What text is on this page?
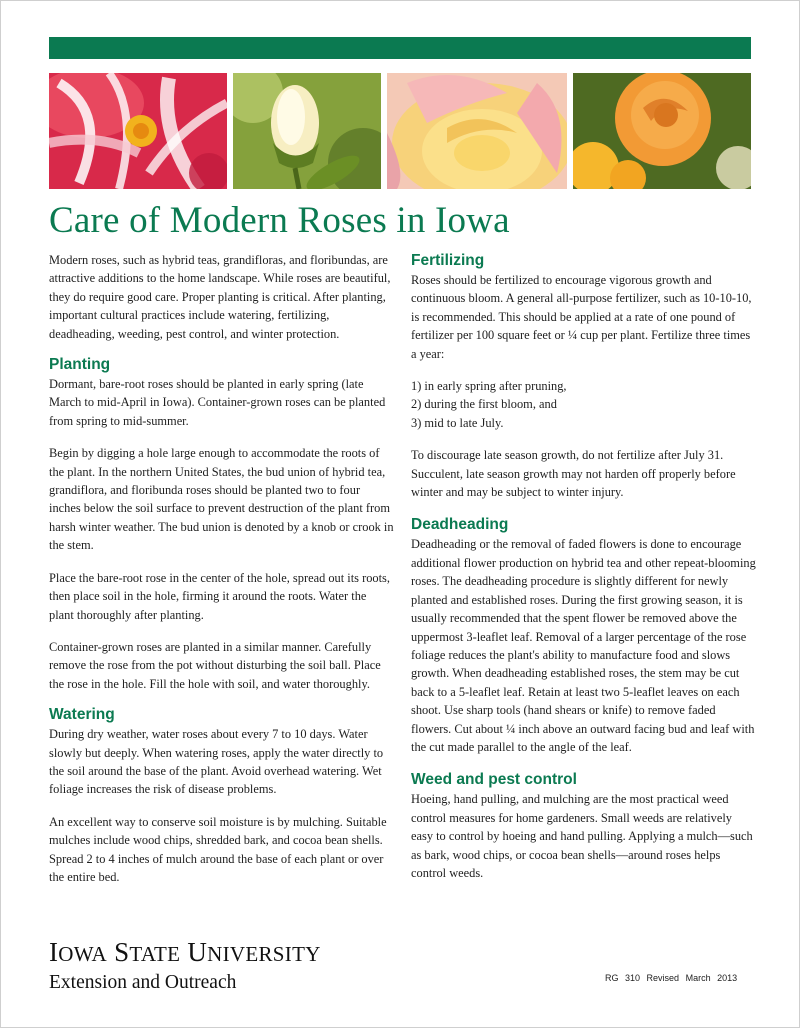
Care of Modern Roses in Iowa

Modern roses, such as hybrid teas, grandifloras, and floribundas, are attractive additions to the home landscape. While roses are beautiful, they do require good care. Proper planting is critical. After planting, important cultural practices include watering, fertilizing, deadheading, weeding, pest control, and winter protection.

Planting

Dormant, bare-root roses should be planted in early spring (late March to mid-April in Iowa). Container-grown roses can be planted from spring to mid-summer.

Begin by digging a hole large enough to accommodate the roots of the plant. In the northern United States, the bud union of hybrid tea, grandiflora, and floribunda roses should be planted two to four inches below the soil surface to prevent destruction of the plant from harsh winter weather. The bud union is denoted by a knob or crook in the stem.

Place the bare-root rose in the center of the hole, spread out its roots, then place soil in the hole, firming it around the roots. Water the plant thoroughly after planting.

Container-grown roses are planted in a similar manner. Carefully remove the rose from the pot without disturbing the soil ball. Place the rose in the hole. Fill the hole with soil, and water thoroughly.

Watering

During dry weather, water roses about every 7 to 10 days. Water slowly but deeply. When watering roses, apply the water directly to the soil around the base of the plant. Avoid overhead watering. Wet foliage increases the risk of disease problems.

An excellent way to conserve soil moisture is by mulching. Suitable mulches include wood chips, shredded bark, and cocoa bean shells. Spread 2 to 4 inches of mulch around the base of each plant or over the entire bed.

Fertilizing

Roses should be fertilized to encourage vigorous growth and continuous bloom. A general all-purpose fertilizer, such as 10-10-10, is recommended. This should be applied at a rate of one pound of fertilizer per 100 square feet or ¼ cup per plant. Fertilize three times a year:

1) in early spring after pruning,
2) during the first bloom, and
3) mid to late July.

To discourage late season growth, do not fertilize after July 31. Succulent, late season growth may not harden off properly before winter and may be subject to winter injury.

Deadheading

Deadheading or the removal of faded flowers is done to encourage additional flower production on hybrid tea and other repeat-blooming roses. The deadheading procedure is slightly different for newly planted and established roses. During the first growing season, it is usually recommended that the spent flower be removed above the uppermost 3-leaflet leaf. Removal of a larger percentage of the rose foliage reduces the plant's ability to manufacture food and slows growth. When deadheading established roses, the stem may be cut back to a 5-leaflet leaf. Retain at least two 5-leaflet leaves on each shoot. Use sharp tools (hand shears or knife) to remove faded flowers. Cut about ¼ inch above an outward facing bud and leaf with the cut made parallel to the angle of the leaf.

Weed and pest control

Hoeing, hand pulling, and mulching are the most practical weed control measures for home gardeners. Small weeds are relatively easy to control by hoeing and hand pulling. Applying a mulch—such as bark, wood chips, or cocoa bean shells—around roses helps control weeds.

IOWA STATE UNIVERSITY
Extension and Outreach	RG 310 Revised March 2013
